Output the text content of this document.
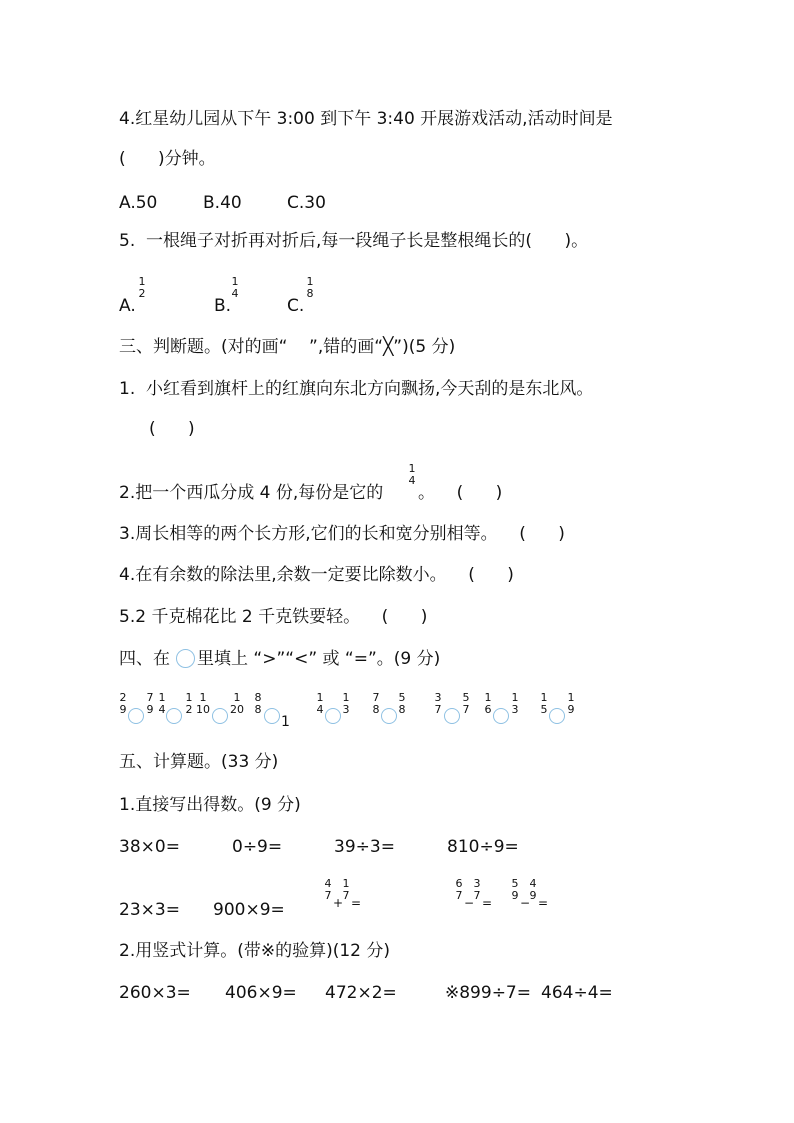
4.红星幼儿园从下午 3:00 到下午 3:40 开展游戏活动,活动时间是
(      )分钟。
A.50	B.40	C.30
5.  一根绳子对折再对折后,每一段绳子长是整根绳长的(      )。
A.
1
2
B.
1
4
C.
1
8
三、判断题。(对的画“    ”,错的画“╳”)(5 分)
1.  小红看到旗杆上的红旗向东北方向飘扬,今天刮的是东北风。
(      )
2.把一个西瓜分成 4 份,每份是它的
1
4
。    (      )
3.周长相等的两个长方形,它们的长和宽分别相等。    (      )
4.在有余数的除法里,余数一定要比除数小。    (      )
5.2 千克棉花比 2 千克铁要轻。    (      )
四、在 里填上 “>”“<” 或 “=”。(9 分)
2
9
7
9
1
4
1
2
1
10
1
20
8
8
1
1
4
1
3
7
8
5
8
3
7
5
7
1
6
1
3
1
5
1
9
五、计算题。(33 分)
1.直接写出得数。(9 分)
38×0=	0÷9=	39÷3=	810÷9=
23×3= 900×9=
4
7
+
1
7
=
6
7
−
3
7
=
5
9
−
4
9
=
2.用竖式计算。(带※的验算)(12 分)
260×3= 406×9= 472×2=	※899÷7= 464÷4=
